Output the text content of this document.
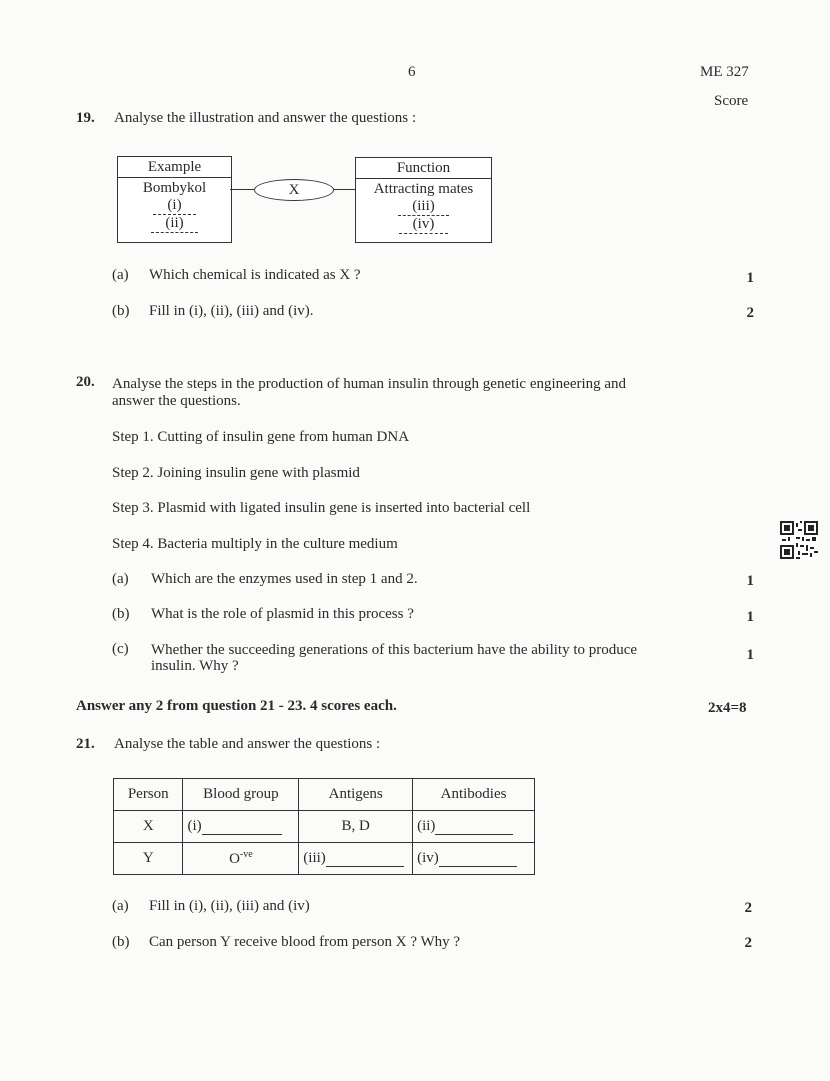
6	ME 327
Score
19. Analyse the illustration and answer the questions :
Example
Bombykol
(i)
(ii)
X
Function
Attracting mates
(iii)
(iv)
(a) Which chemical is indicated as X ?	1
(b) Fill in (i), (ii), (iii) and (iv).	2
20. Analyse the steps in the production of human insulin through genetic engineering and
answer the questions.
Step 1. Cutting of insulin gene from human DNA
Step 2. Joining insulin gene with plasmid
Step 3. Plasmid with ligated insulin gene is inserted into bacterial cell
Step 4. Bacteria multiply in the culture medium
(a) Which are the enzymes used in step 1 and 2.	1
(b) What is the role of plasmid in this process ?	1
(c) Whether the succeeding generations of this bacterium have the ability to produce
insulin. Why ?
1
Answer any 2 from question 21 - 23. 4 scores each.	2x4=8
21. Analyse the table and answer the questions :
Person	Blood group	Antigens	Antibodies
X	(i)	B, D	(ii)
Y	$O^{-ve}$	(iii)	(iv)
(a) Fill in (i), (ii), (iii) and (iv)	2
(b) Can person Y receive blood from person X ? Why ?	2
